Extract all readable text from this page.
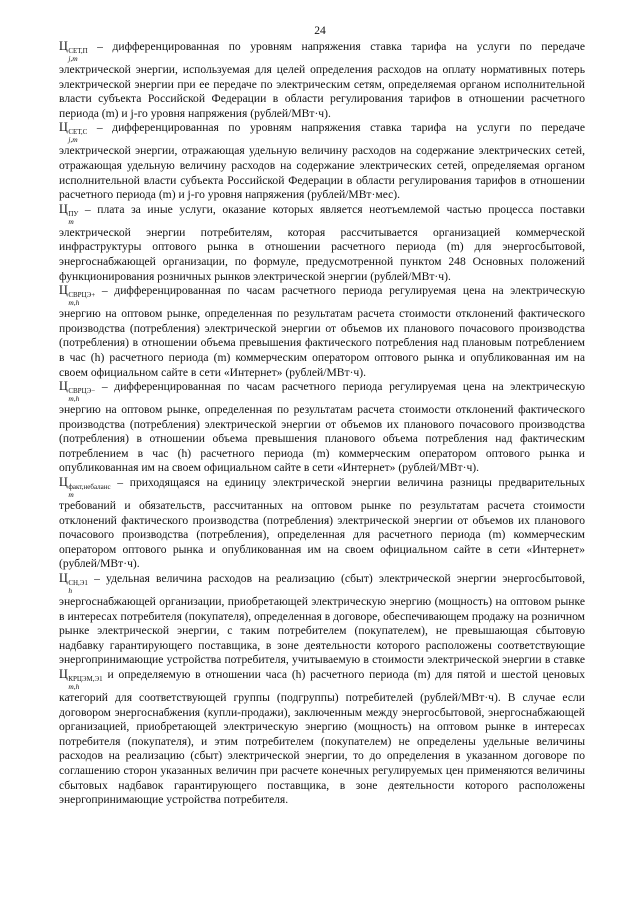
24

Ц СЕТ,П
j,m
– дифференцированная по уровням напряжения ставка тарифа на услуги по передаче электрической энергии, используемая для целей определения расходов на оплату нормативных потерь электрической энергии при ее передаче по электрическим сетям, определяемая органом исполнительной власти субъекта Российской Федерации в области регулирования тарифов в отношении расчетного периода (m) и j-го уровня напряжения (рублей/МВт·ч).

Ц СЕТ,С
j,m
– дифференцированная по уровням напряжения ставка тарифа на услуги по передаче электрической энергии, отражающая удельную величину расходов на содержание электрических сетей, отражающая удельную величину расходов на содержание электрических сетей, определяемая органом исполнительной власти субъекта Российской Федерации в области регулирования тарифов в отношении расчетного периода (m) и j-го уровня напряжения (рублей/МВт·мес).

Ц ПУ
m
– плата за иные услуги, оказание которых является неотъемлемой частью процесса поставки электрической энергии потребителям, которая рассчитывается организацией коммерческой инфраструктуры оптового рынка в отношении расчетного периода (m) для энергосбытовой, энергоснабжающей организации, по формуле, предусмотренной пунктом 248 Основных положений функционирования розничных рынков электрической энергии (рублей/МВт·ч).

Ц СВРЦЭ+
m,h
– дифференцированная по часам расчетного периода регулируемая цена на электрическую энергию на оптовом рынке, определенная по результатам расчета стоимости отклонений фактического производства (потребления) электрической энергии от объемов их планового почасового производства (потребления) в отношении объема превышения фактического потребления над плановым потреблением в час (h) расчетного периода (m) коммерческим оператором оптового рынка и опубликованная им на своем официальном сайте в сети «Интернет» (рублей/МВт·ч).

Ц СВРЦЭ−
m,h
– дифференцированная по часам расчетного периода регулируемая цена на электрическую энергию на оптовом рынке, определенная по результатам расчета стоимости отклонений фактического производства (потребления) электрической энергии от объемов их планового почасового производства (потребления) в отношении объема превышения планового объема потребления над фактическим потреблением в час (h) расчетного периода (m) коммерческим оператором оптового рынка и опубликованная им на своем официальном сайте в сети «Интернет» (рублей/МВт·ч).

Ц факт,небаланс
m
– приходящаяся на единицу электрической энергии величина разницы предварительных требований и обязательств, рассчитанных на оптовом рынке по результатам расчета стоимости отклонений фактического производства (потребления) электрической энергии от объемов их планового почасового производства (потребления), определенная для расчетного периода (m) коммерческим оператором оптового рынка и опубликованная им на своем официальном сайте в сети «Интернет» (рублей/МВт·ч).

Ц СН,Э1
h
– удельная величина расходов на реализацию (сбыт) электрической энергии энергосбытовой, энергоснабжающей организации, приобретающей электрическую энергию (мощность) на оптовом рынке в интересах потребителя (покупателя), определенная в договоре, обеспечивающем продажу на розничном рынке электрической энергии, с таким потребителем (покупателем), не превышающая сбытовую надбавку гарантирующего поставщика, в зоне деятельности которого расположены соответствующие энергопринимающие устройства потребителя, учитываемую в стоимости электрической энергии в ставке Ц КРЦЭМ,Э1
m,h
и определяемую в отношении часа (h) расчетного периода (m) для пятой и шестой ценовых категорий для соответствующей группы (подгруппы) потребителей (рублей/МВт·ч). В случае если договором энергоснабжения (купли-продажи), заключенным между энергосбытовой, энергоснабжающей организацией, приобретающей электрическую энергию (мощность) на оптовом рынке в интересах потребителя (покупателя), и этим потребителем (покупателем) не определены удельные величины расходов на реализацию (сбыт) электрической энергии, то до определения в указанном договоре по соглашению сторон указанных величин при расчете конечных регулируемых цен применяются величины сбытовых надбавок гарантирующего поставщика, в зоне деятельности которого расположены энергопринимающие устройства потребителя.
